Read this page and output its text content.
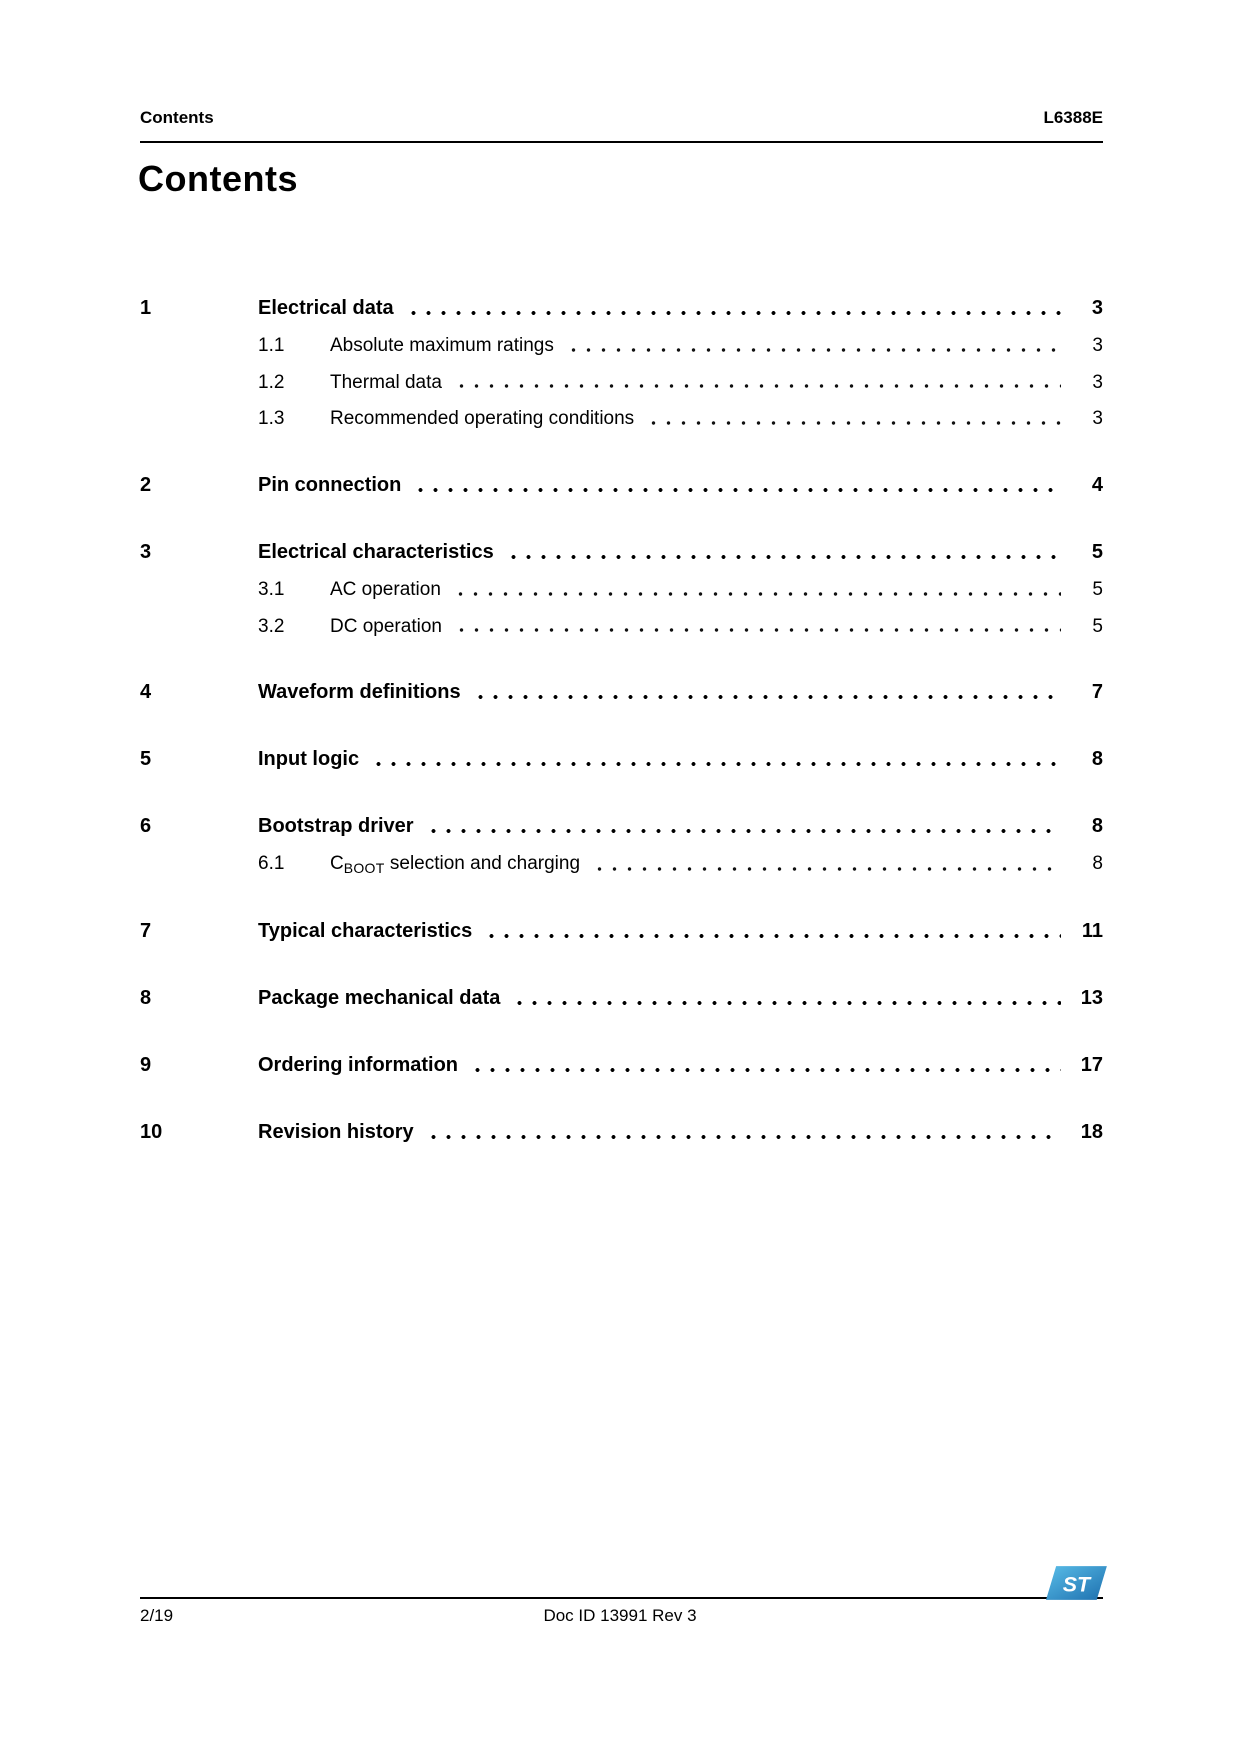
Contents	L6388E
Contents
1	Electrical data	3
1.1	Absolute maximum ratings	3
1.2	Thermal data	3
1.3	Recommended operating conditions	3
2	Pin connection	4
3	Electrical characteristics	5
3.1	AC operation	5
3.2	DC operation	5
4	Waveform definitions	7
5	Input logic	8
6	Bootstrap driver	8
6.1	$C_{BOOT}$ selection and charging	8
7	Typical characteristics	11
8	Package mechanical data	13
9	Ordering information	17
10	Revision history	18
2/19	Doc ID 13991 Rev 3
ST
